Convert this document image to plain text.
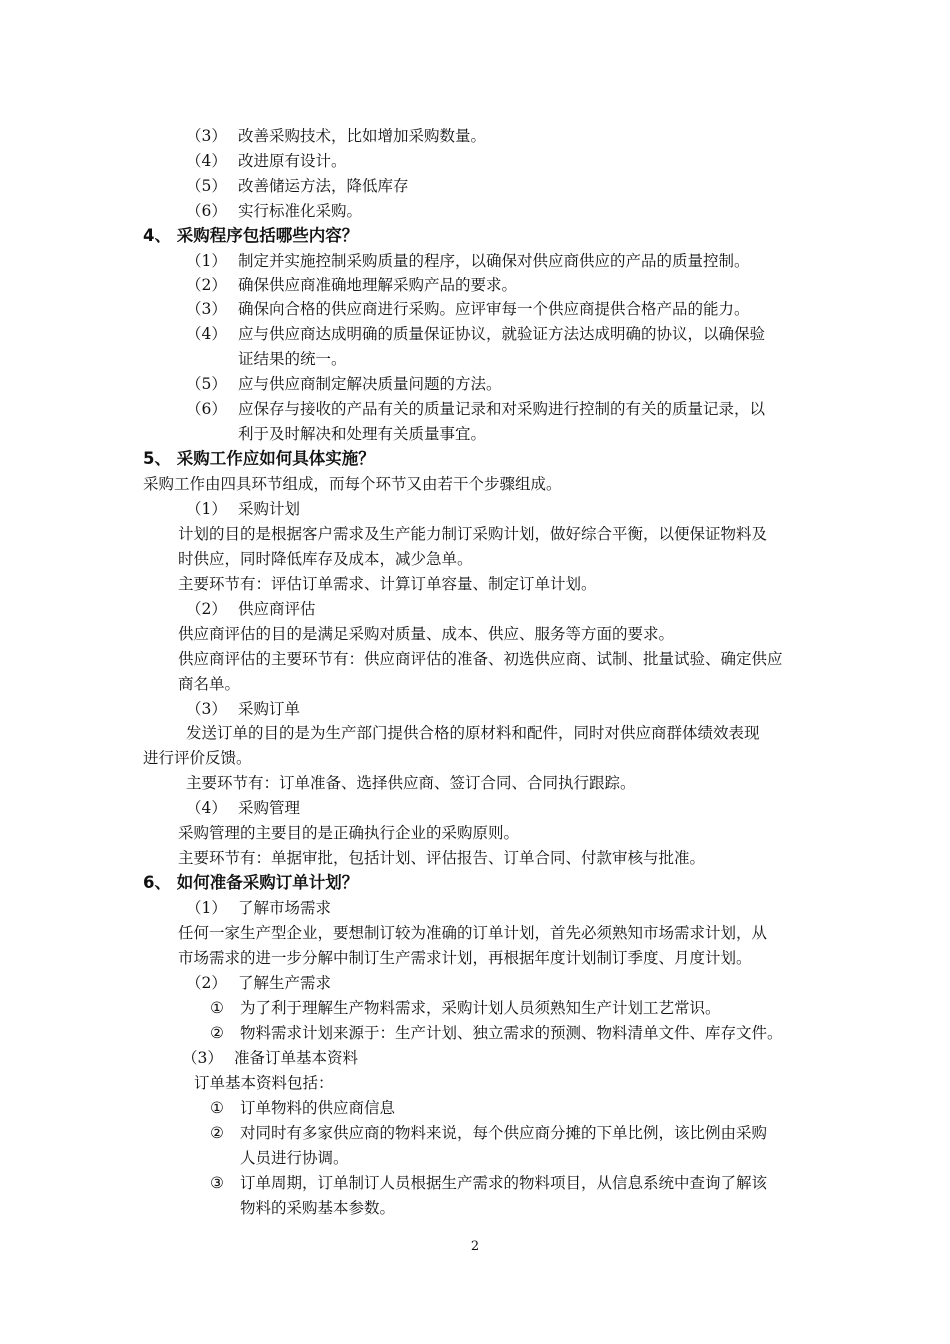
（3） 改善采购技术，比如增加采购数量。
（4） 改进原有设计。
（5） 改善储运方法，降低库存
（6） 实行标准化采购。
4、 采购程序包括哪些内容？
（1） 制定并实施控制采购质量的程序，以确保对供应商供应的产品的质量控制。
（2） 确保供应商准确地理解采购产品的要求。
（3） 确保向合格的供应商进行采购。应评审每一个供应商提供合格产品的能力。
（4） 应与供应商达成明确的质量保证协议，就验证方法达成明确的协议，以确保验
证结果的统一。
（5） 应与供应商制定解决质量问题的方法。
（6） 应保存与接收的产品有关的质量记录和对采购进行控制的有关的质量记录，以
利于及时解决和处理有关质量事宜。
5、 采购工作应如何具体实施？
采购工作由四具环节组成，而每个环节又由若干个步骤组成。
（1） 采购计划
计划的目的是根据客户需求及生产能力制订采购计划，做好综合平衡，以便保证物料及
时供应，同时降低库存及成本，减少急单。
主要环节有：评估订单需求、计算订单容量、制定订单计划。
（2） 供应商评估
供应商评估的目的是满足采购对质量、成本、供应、服务等方面的要求。
供应商评估的主要环节有：供应商评估的准备、初选供应商、试制、批量试验、确定供应
商名单。
（3） 采购订单
发送订单的目的是为生产部门提供合格的原材料和配件，同时对供应商群体绩效表现
进行评价反馈。
主要环节有：订单准备、选择供应商、签订合同、合同执行跟踪。
（4） 采购管理
采购管理的主要目的是正确执行企业的采购原则。
主要环节有：单据审批，包括计划、评估报告、订单合同、付款审核与批准。
6、 如何准备采购订单计划？
（1） 了解市场需求
任何一家生产型企业，要想制订较为准确的订单计划，首先必须熟知市场需求计划，从
市场需求的进一步分解中制订生产需求计划，再根据年度计划制订季度、月度计划。
（2） 了解生产需求
① 为了利于理解生产物料需求，采购计划人员须熟知生产计划工艺常识。
② 物料需求计划来源于：生产计划、独立需求的预测、物料清单文件、库存文件。
（3） 准备订单基本资料
订单基本资料包括：
① 订单物料的供应商信息
② 对同时有多家供应商的物料来说，每个供应商分摊的下单比例，该比例由采购
人员进行协调。
③ 订单周期，订单制订人员根据生产需求的物料项目，从信息系统中查询了解该
物料的采购基本参数。
2
